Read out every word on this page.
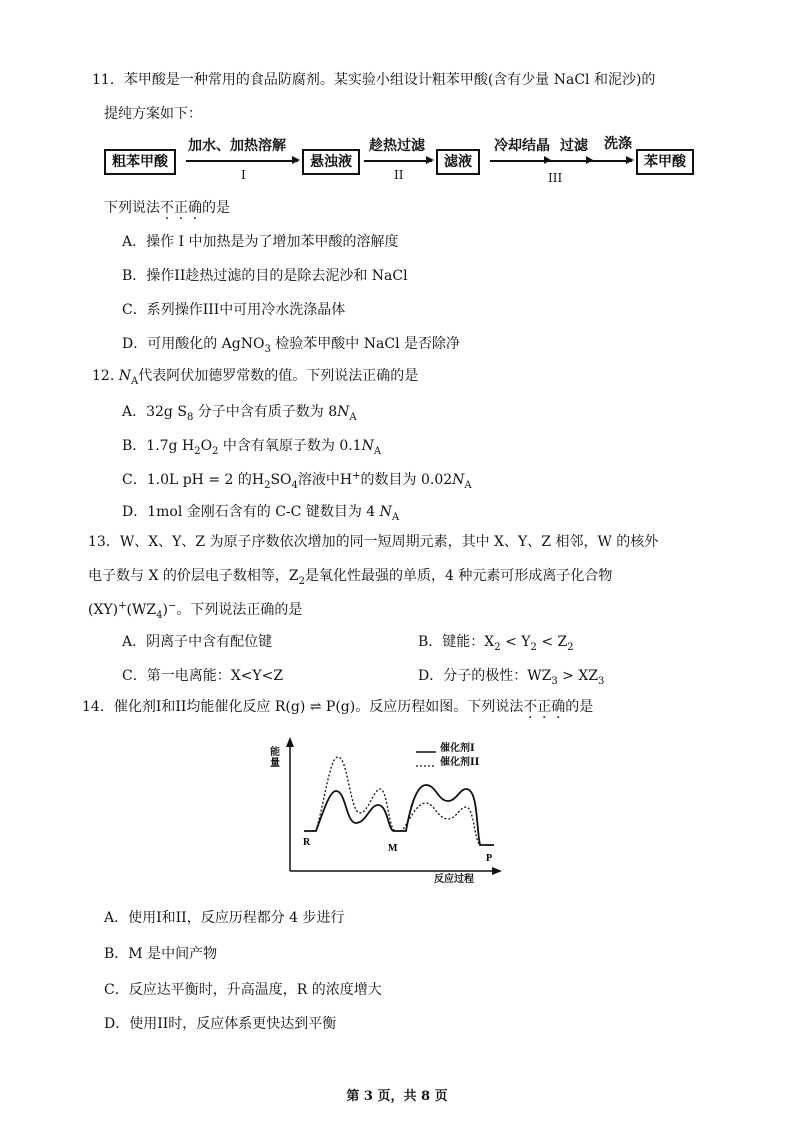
11．苯甲酸是一种常用的食品防腐剂。某实验小组设计粗苯甲酸(含有少量 NaCl 和泥沙)的
提纯方案如下：
粗苯甲酸
加水、加热溶解
I
悬浊液
趁热过滤
II
滤液
冷却结晶 过滤 洗涤
III
苯甲酸
下列说法不正确的是
A．操作 I 中加热是为了增加苯甲酸的溶解度
B．操作II趁热过滤的目的是除去泥沙和 NaCl
C．系列操作III中可用冷水洗涤晶体
D．可用酸化的 AgNO$_3$ 检验苯甲酸中 NaCl 是否除净
12. $N_A$代表阿伏加德罗常数的值。下列说法正确的是
A．32g $S_8$ 分子中含有质子数为 $8N_A$
B．1.7g $H_2O_2$ 中含有氧原子数为 $0.1N_A$
C．1.0L pH = 2 的$H_2SO_4$溶液中H+的数目为 $0.02N_A$
D．1mol 金刚石含有的 C-C 键数目为 4 $N_A$
13．W、X、Y、Z 为原子序数依次增加的同一短周期元素，其中 X、Y、Z 相邻，W 的核外
电子数与 X 的价层电子数相等，$Z_2$是氧化性最强的单质，4 种元素可形成离子化合物
$(XY)^+(WZ_4)^-$。下列说法正确的是
A．阴离子中含有配位键	B．键能：$X_2 < Y_2 < Z_2$
C．第一电离能：X<Y<Z	D．分子的极性：$WZ_3 > XZ_3$
14．催化剂I和II均能催化反应 R(g) ⇌ P(g)。反应历程如图。下列说法不正确的是
R
M
P
催化剂I
催化剂II
能量
反应过程
A．使用I和II，反应历程都分 4 步进行
B．M 是中间产物
C．反应达平衡时，升高温度，R 的浓度增大
D．使用II时，反应体系更快达到平衡
第 3 页，共 8 页
